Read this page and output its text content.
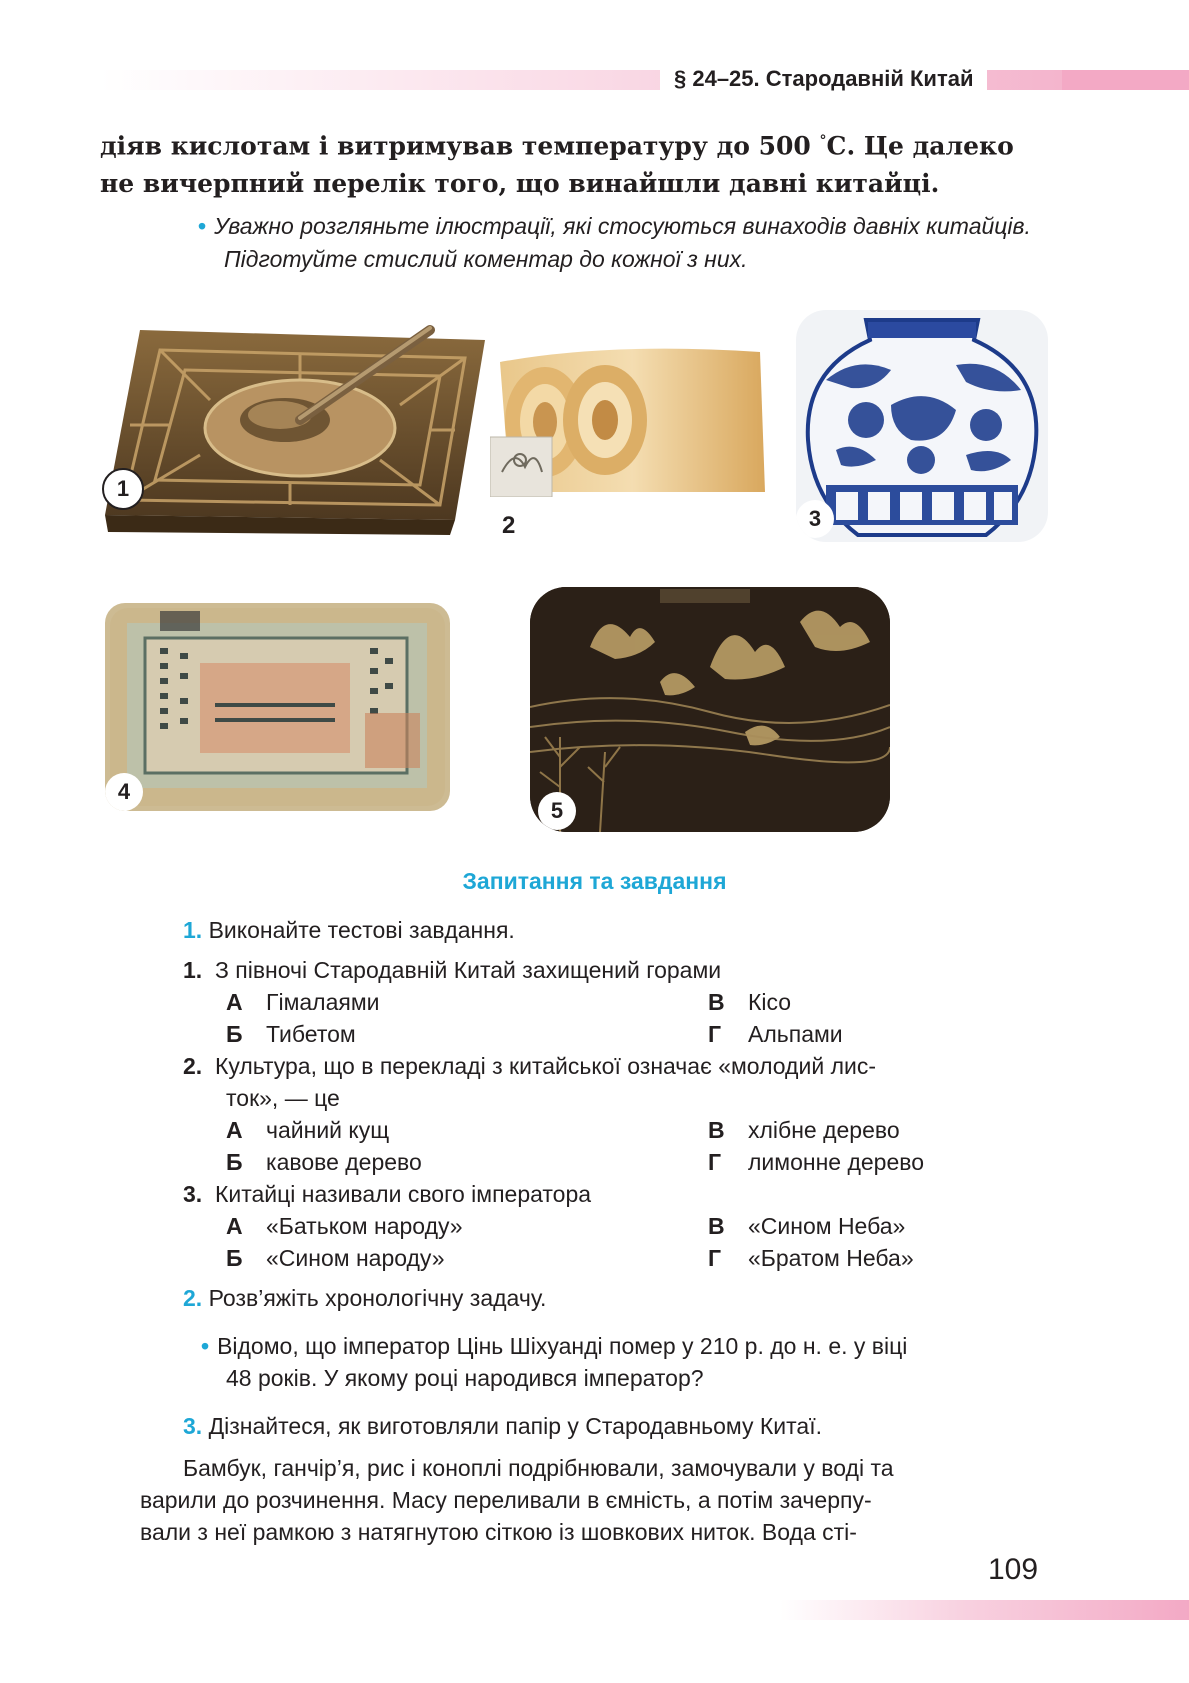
§ 24–25. Стародавній Китай

діяв кислотам і витримував температуру до 500 °С. Це далеко

не вичерпний перелік того, що винайшли давні китайці.

• Уважно розгляньте ілюстрації, які стосуються винаходів давніх китайців. Підготуйте стислий коментар до кожної з них.
1
2	3
4
5
Запитання та завдання
1. Виконайте тестові завдання.
1. З півночі Стародавній Китай захищений горами
А Гімалаями	В Кісо
Б Тибетом	Г Альпами
2. Культура, що в перекладі з китайської означає «молодий лис-
ток», — це
А чайний кущ	В хлібне дерево
Б кавове дерево	Г лимонне дерево
3. Китайці називали свого імператора
А «Батьком народу»	В «Сином Неба»
Б «Сином народу»	Г «Братом Неба»
2. Розв’яжіть хронологічну задачу.
• Відомо, що імператор Цінь Шіхуанді помер у 210 р. до н. е. у віці
48 років. У якому році народився імператор?
3. Дізнайтеся, як виготовляли папір у Стародавньому Китаї.
Бамбук, ганчір’я, рис і коноплі подрібнювали, замочували у воді та
варили до розчинення. Масу переливали в ємність, а потім зачерпу-
вали з неї рамкою з натягнутою сіткою із шовкових ниток. Вода сті-
109
